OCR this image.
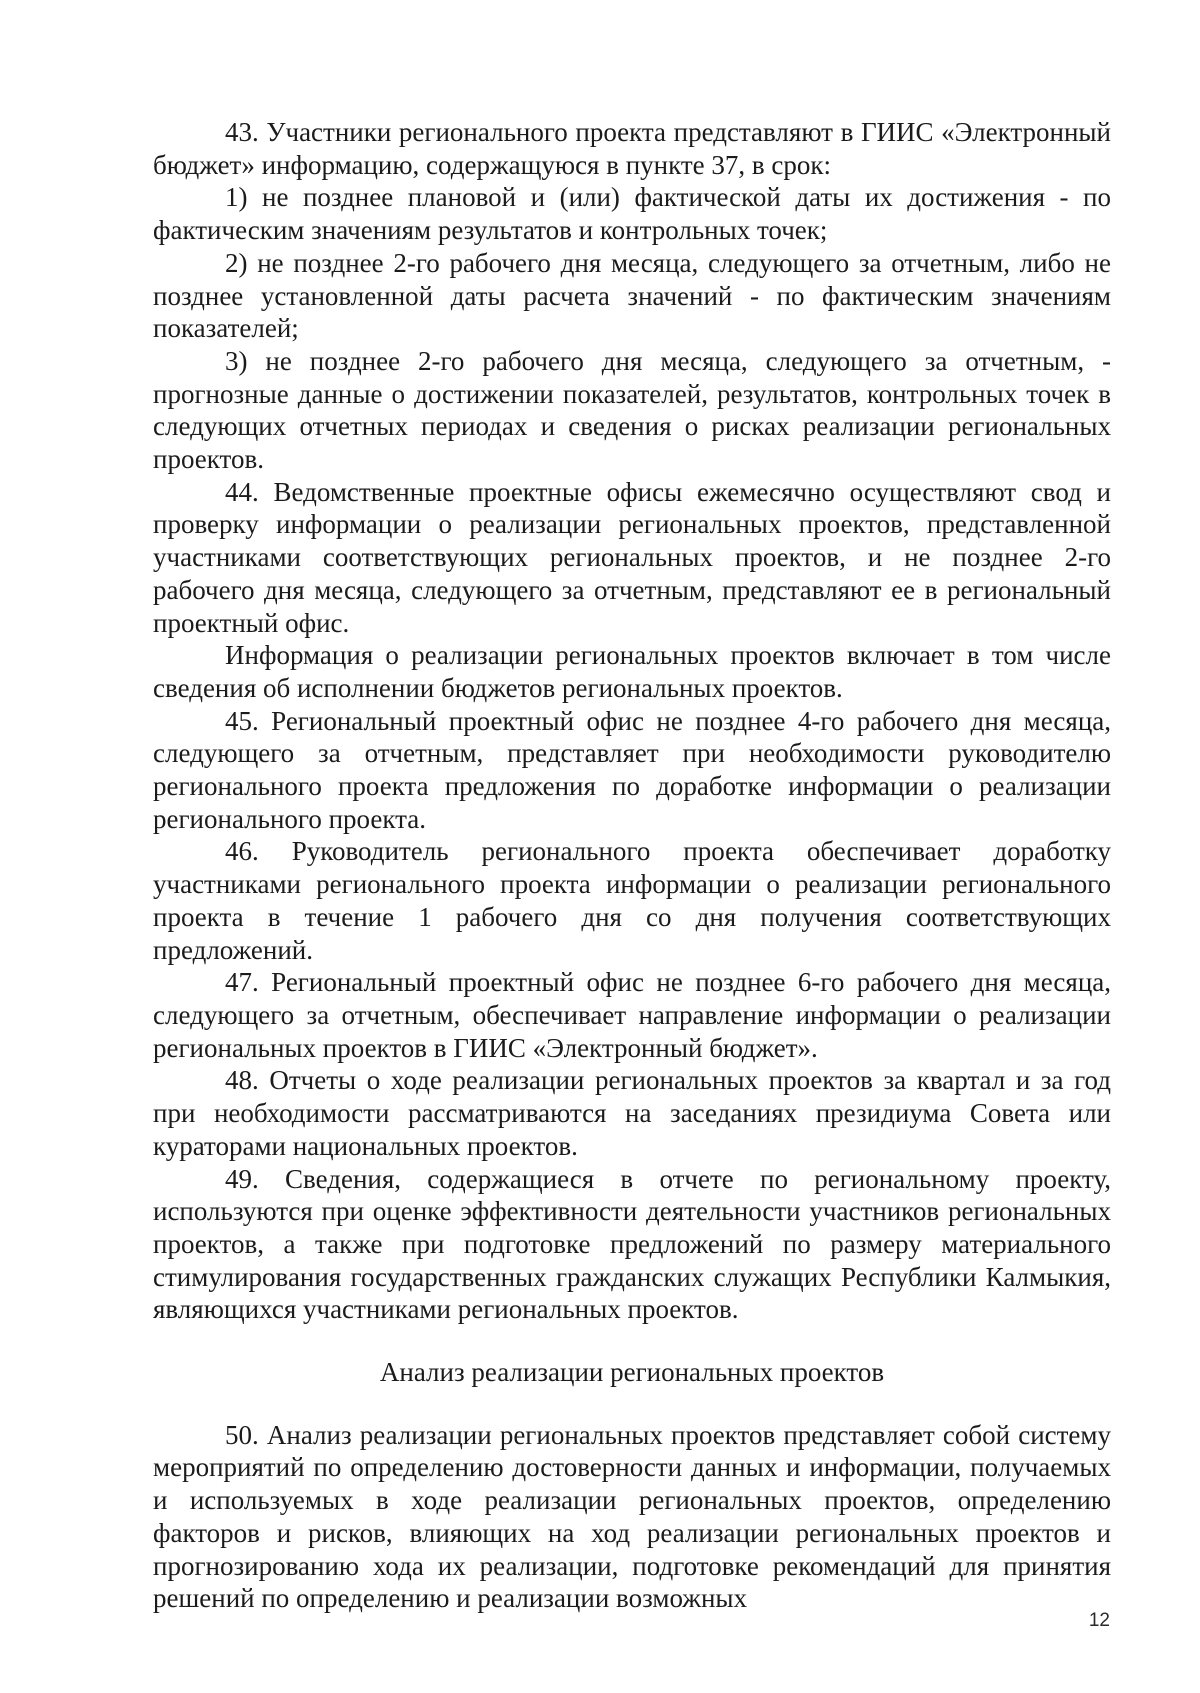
43. Участники регионального проекта представляют в ГИИС «Электронный бюджет» информацию, содержащуюся в пункте 37, в срок:

1) не позднее плановой и (или) фактической даты их достижения - по фактическим значениям результатов и контрольных точек;

2) не позднее 2-го рабочего дня месяца, следующего за отчетным, либо не позднее установленной даты расчета значений - по фактическим значениям показателей;

3) не позднее 2-го рабочего дня месяца, следующего за отчетным, - прогнозные данные о достижении показателей, результатов, контрольных точек в следующих отчетных периодах и сведения о рисках реализации региональных проектов.

44. Ведомственные проектные офисы ежемесячно осуществляют свод и проверку информации о реализации региональных проектов, представленной участниками соответствующих региональных проектов, и не позднее 2-го рабочего дня месяца, следующего за отчетным, представляют ее в региональный проектный офис.

Информация о реализации региональных проектов включает в том числе сведения об исполнении бюджетов региональных проектов.

45. Региональный проектный офис не позднее 4-го рабочего дня месяца, следующего за отчетным, представляет при необходимости руководителю регионального проекта предложения по доработке информации о реализации регионального проекта.

46. Руководитель регионального проекта обеспечивает доработку участниками регионального проекта информации о реализации регионального проекта в течение 1 рабочего дня со дня получения соответствующих предложений.

47. Региональный проектный офис не позднее 6-го рабочего дня месяца, следующего за отчетным, обеспечивает направление информации о реализации региональных проектов в ГИИС «Электронный бюджет».

48. Отчеты о ходе реализации региональных проектов за квартал и за год при необходимости рассматриваются на заседаниях президиума Совета или кураторами национальных проектов.

49. Сведения, содержащиеся в отчете по региональному проекту, используются при оценке эффективности деятельности участников региональных проектов, а также при подготовке предложений по размеру материального стимулирования государственных гражданских служащих Республики Калмыкия, являющихся участниками региональных проектов.

Анализ реализации региональных проектов

50. Анализ реализации региональных проектов представляет собой систему мероприятий по определению достоверности данных и информации, получаемых и используемых в ходе реализации региональных проектов, определению факторов и рисков, влияющих на ход реализации региональных проектов и прогнозированию хода их реализации, подготовке рекомендаций для принятия решений по определению и реализации возможных

12
